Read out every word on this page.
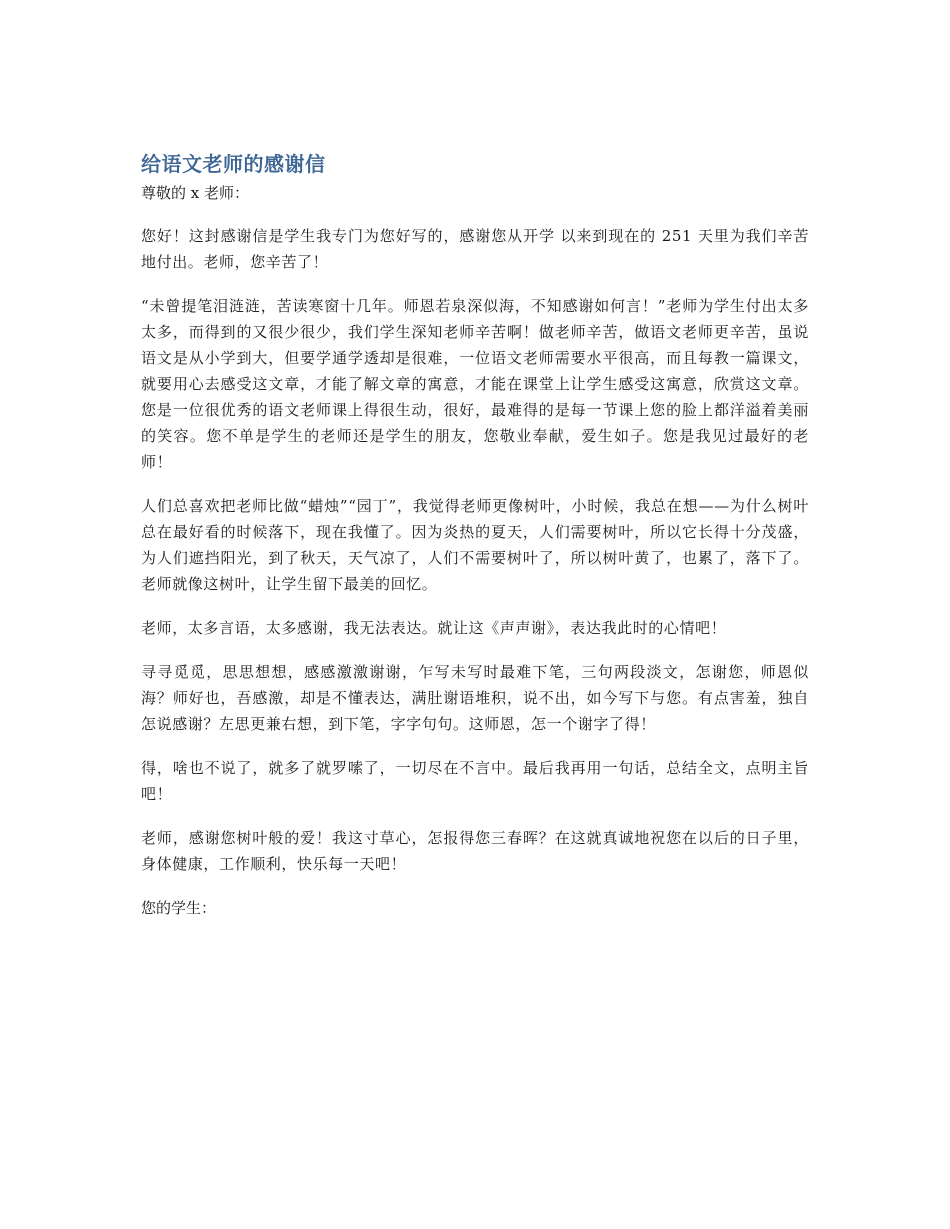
给语文老师的感谢信

尊敬的 x 老师：

您好！这封感谢信是学生我专门为您好写的，感谢您从开学 以来到现在的 251 天里为我们辛苦地付出。老师，您辛苦了！

“未曾提笔泪涟涟，苦读寒窗十几年。师恩若泉深似海，不知感谢如何言！”老师为学生付出太多太多，而得到的又很少很少，我们学生深知老师辛苦啊！做老师辛苦，做语文老师更辛苦，虽说语文是从小学到大，但要学通学透却是很难，一位语文老师需要水平很高，而且每教一篇课文，就要用心去感受这文章，才能了解文章的寓意，才能在课堂上让学生感受这寓意，欣赏这文章。您是一位很优秀的语文老师课上得很生动，很好，最难得的是每一节课上您的脸上都洋溢着美丽的笑容。您不单是学生的老师还是学生的朋友，您敬业奉献，爱生如子。您是我见过最好的老师！

人们总喜欢把老师比做“蜡烛”“园丁”，我觉得老师更像树叶，小时候，我总在想——为什么树叶总在最好看的时候落下，现在我懂了。因为炎热的夏天，人们需要树叶，所以它长得十分茂盛，为人们遮挡阳光，到了秋天，天气凉了，人们不需要树叶了，所以树叶黄了，也累了，落下了。老师就像这树叶，让学生留下最美的回忆。

老师，太多言语，太多感谢，我无法表达。就让这《声声谢》，表达我此时的心情吧！

寻寻觅觅，思思想想，感感激激谢谢，乍写未写时最难下笔，三句两段淡文，怎谢您，师恩似海？师好也，吾感激，却是不懂表达，满肚谢语堆积，说不出，如今写下与您。有点害羞，独自怎说感谢？左思更兼右想，到下笔，字字句句。这师恩，怎一个谢字了得！

得，啥也不说了，就多了就罗嗦了，一切尽在不言中。最后我再用一句话，总结全文，点明主旨吧！

老师，感谢您树叶般的爱！我这寸草心，怎报得您三春晖？在这就真诚地祝您在以后的日子里，身体健康，工作顺利，快乐每一天吧！

您的学生：
